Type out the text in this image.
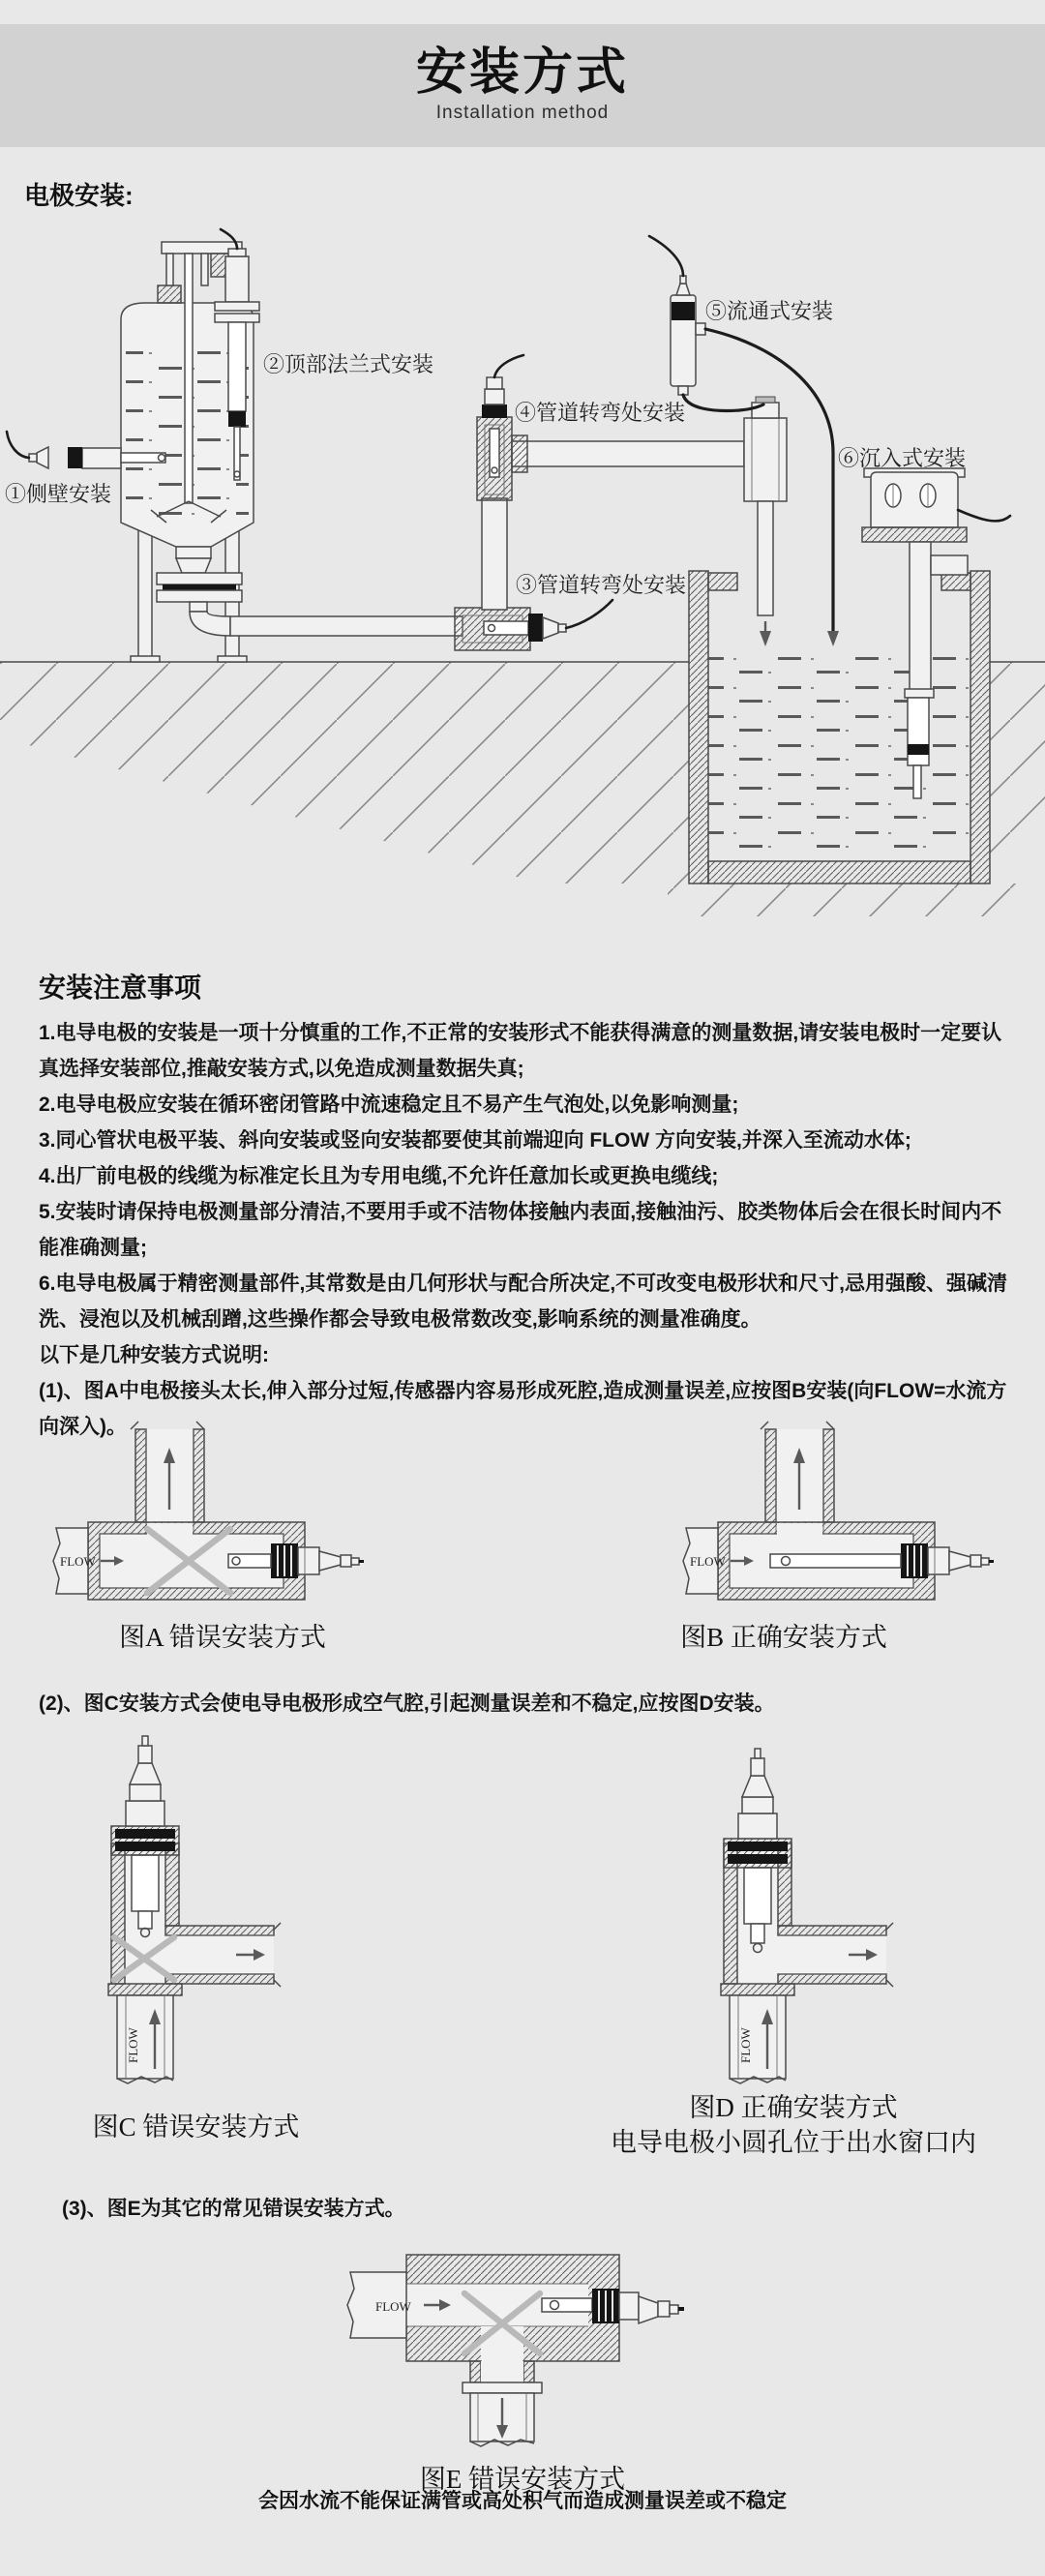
安装方式
Installation method
电极安装:
①侧壁安装
②顶部法兰式安装
③管道转弯处安装
④管道转弯处安装
⑤流通式安装
⑥沉入式安装
安装注意事项

1.电导电极的安装是一项十分慎重的工作,不正常的安装形式不能获得满意的测量数据,请安装电极时一定要认真选择安装部位,推敲安装方式,以免造成测量数据失真;

2.电导电极应安装在循环密闭管路中流速稳定且不易产生气泡处,以免影响测量;

3.同心管状电极平装、斜向安装或竖向安装都要使其前端迎向 FLOW 方向安装,并深入至流动水体;

4.出厂前电极的线缆为标准定长且为专用电缆,不允许任意加长或更换电缆线;

5.安装时请保持电极测量部分清洁,不要用手或不洁物体接触内表面,接触油污、胶类物体后会在很长时间内不能准确测量;

6.电导电极属于精密测量部件,其常数是由几何形状与配合所决定,不可改变电极形状和尺寸,忌用强酸、强碱清洗、浸泡以及机械刮蹭,这些操作都会导致电极常数改变,影响系统的测量准确度。

以下是几种安装方式说明:

(1)、图A中电极接头太长,伸入部分过短,传感器内容易形成死腔,造成测量误差,应按图B安装(向FLOW=水流方向深入)。

图A 错误安装方式	图B 正确安装方式

(2)、图C安装方式会使电导电极形成空气腔,引起测量误差和不稳定,应按图D安装。

图C 错误安装方式
图D 正确安装方式
电导电极小圆孔位于出水窗口内

(3)、图E为其它的常见错误安装方式。

FLOW
图E 错误安装方式
会因水流不能保证满管或高处积气而造成测量误差或不稳定
